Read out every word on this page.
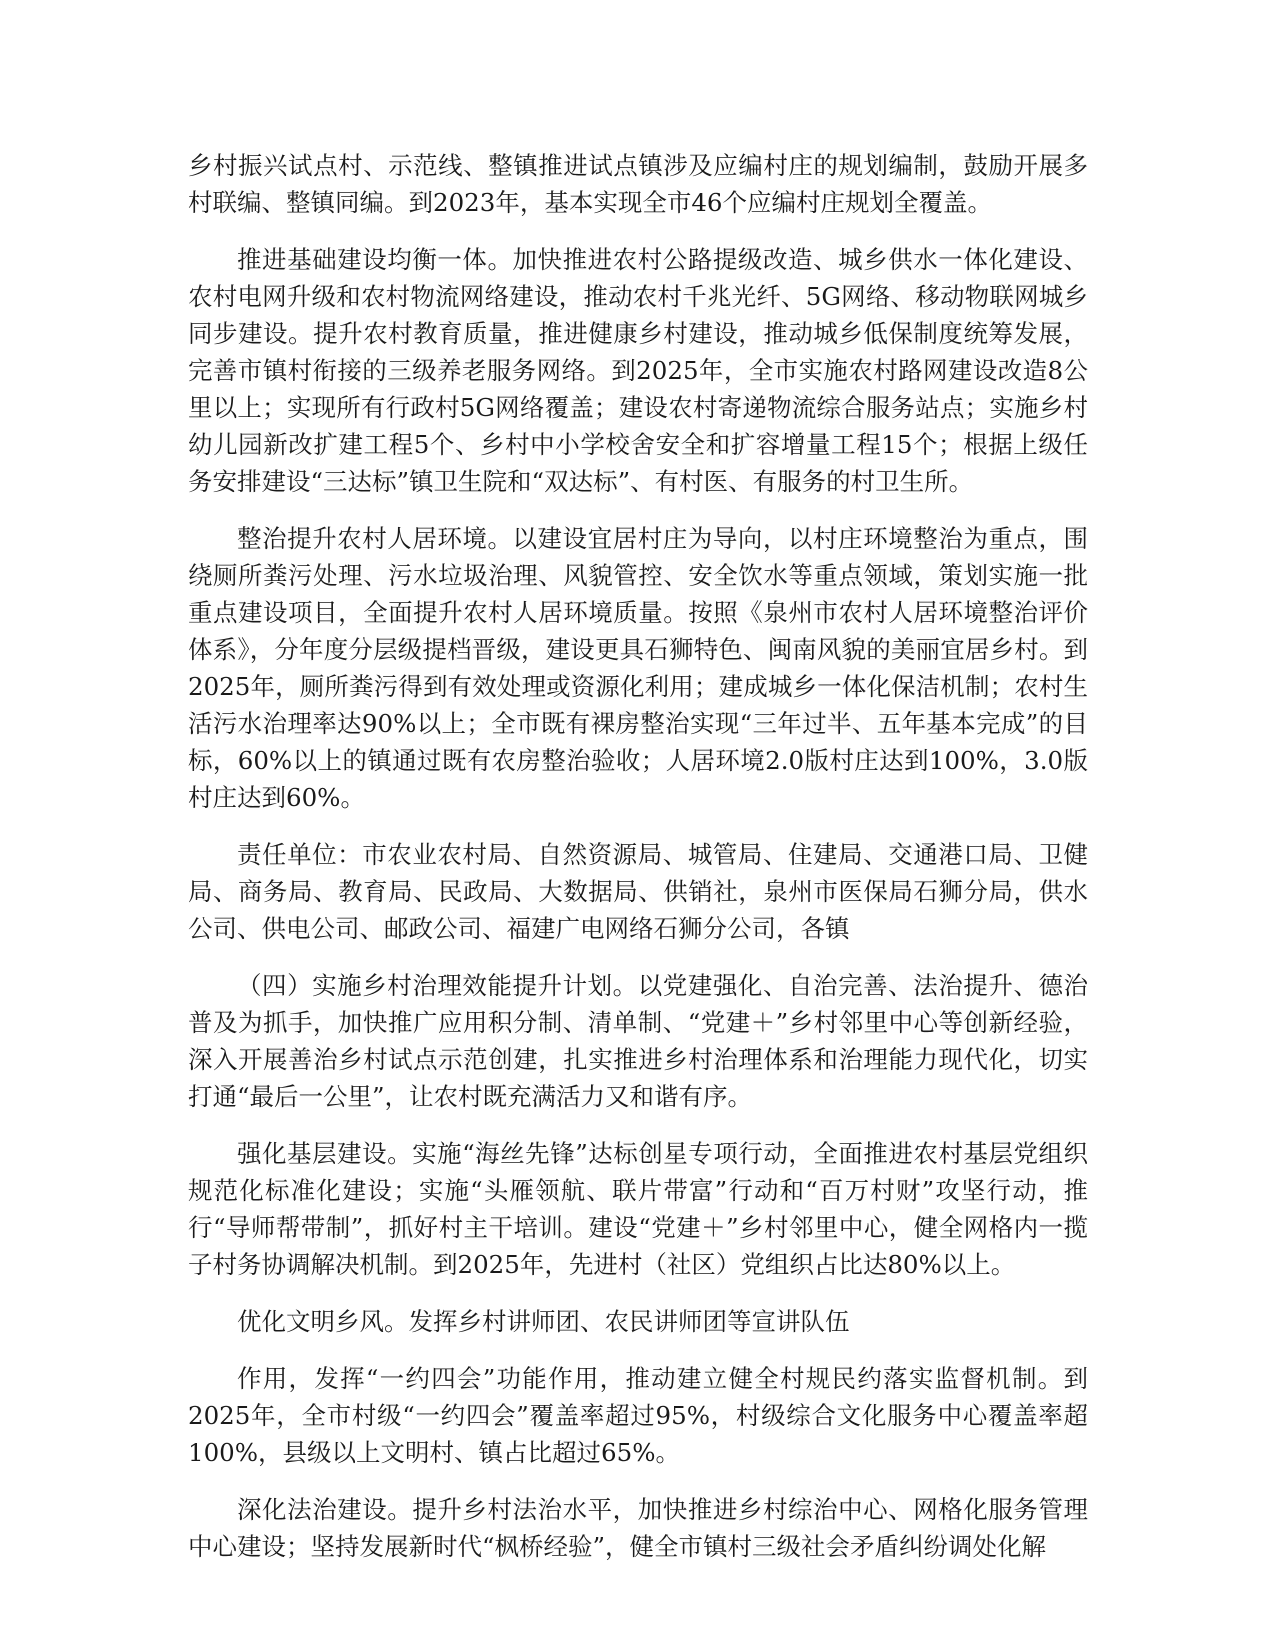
乡村振兴试点村、示范线、整镇推进试点镇涉及应编村庄的规划编制，鼓励开展多村联编、整镇同编。到2023年，基本实现全市46个应编村庄规划全覆盖。

推进基础建设均衡一体。加快推进农村公路提级改造、城乡供水一体化建设、农村电网升级和农村物流网络建设，推动农村千兆光纤、5G网络、移动物联网城乡同步建设。提升农村教育质量，推进健康乡村建设，推动城乡低保制度统筹发展，完善市镇村衔接的三级养老服务网络。到2025年，全市实施农村路网建设改造8公里以上；实现所有行政村5G网络覆盖；建设农村寄递物流综合服务站点；实施乡村幼儿园新改扩建工程5个、乡村中小学校舍安全和扩容增量工程15个；根据上级任务安排建设“三达标”镇卫生院和“双达标”、有村医、有服务的村卫生所。

整治提升农村人居环境。以建设宜居村庄为导向，以村庄环境整治为重点，围绕厕所粪污处理、污水垃圾治理、风貌管控、安全饮水等重点领域，策划实施一批重点建设项目，全面提升农村人居环境质量。按照《泉州市农村人居环境整治评价体系》，分年度分层级提档晋级，建设更具石狮特色、闽南风貌的美丽宜居乡村。到2025年，厕所粪污得到有效处理或资源化利用；建成城乡一体化保洁机制；农村生活污水治理率达90%以上；全市既有裸房整治实现“三年过半、五年基本完成”的目标，60%以上的镇通过既有农房整治验收；人居环境2.0版村庄达到100%，3.0版村庄达到60%。

责任单位：市农业农村局、自然资源局、城管局、住建局、交通港口局、卫健局、商务局、教育局、民政局、大数据局、供销社，泉州市医保局石狮分局，供水公司、供电公司、邮政公司、福建广电网络石狮分公司，各镇

（四）实施乡村治理效能提升计划。以党建强化、自治完善、法治提升、德治普及为抓手，加快推广应用积分制、清单制、“党建＋”乡村邻里中心等创新经验，深入开展善治乡村试点示范创建，扎实推进乡村治理体系和治理能力现代化，切实打通“最后一公里”，让农村既充满活力又和谐有序。

强化基层建设。实施“海丝先锋”达标创星专项行动，全面推进农村基层党组织规范化标准化建设；实施“头雁领航、联片带富”行动和“百万村财”攻坚行动，推行“导师帮带制”，抓好村主干培训。建设“党建＋”乡村邻里中心，健全网格内一揽子村务协调解决机制。到2025年，先进村（社区）党组织占比达80%以上。

优化文明乡风。发挥乡村讲师团、农民讲师团等宣讲队伍

作用，发挥“一约四会”功能作用，推动建立健全村规民约落实监督机制。到2025年，全市村级“一约四会”覆盖率超过95%，村级综合文化服务中心覆盖率超100%，县级以上文明村、镇占比超过65%。

深化法治建设。提升乡村法治水平，加快推进乡村综治中心、网格化服务管理中心建设；坚持发展新时代“枫桥经验”，健全市镇村三级社会矛盾纠纷调处化解
